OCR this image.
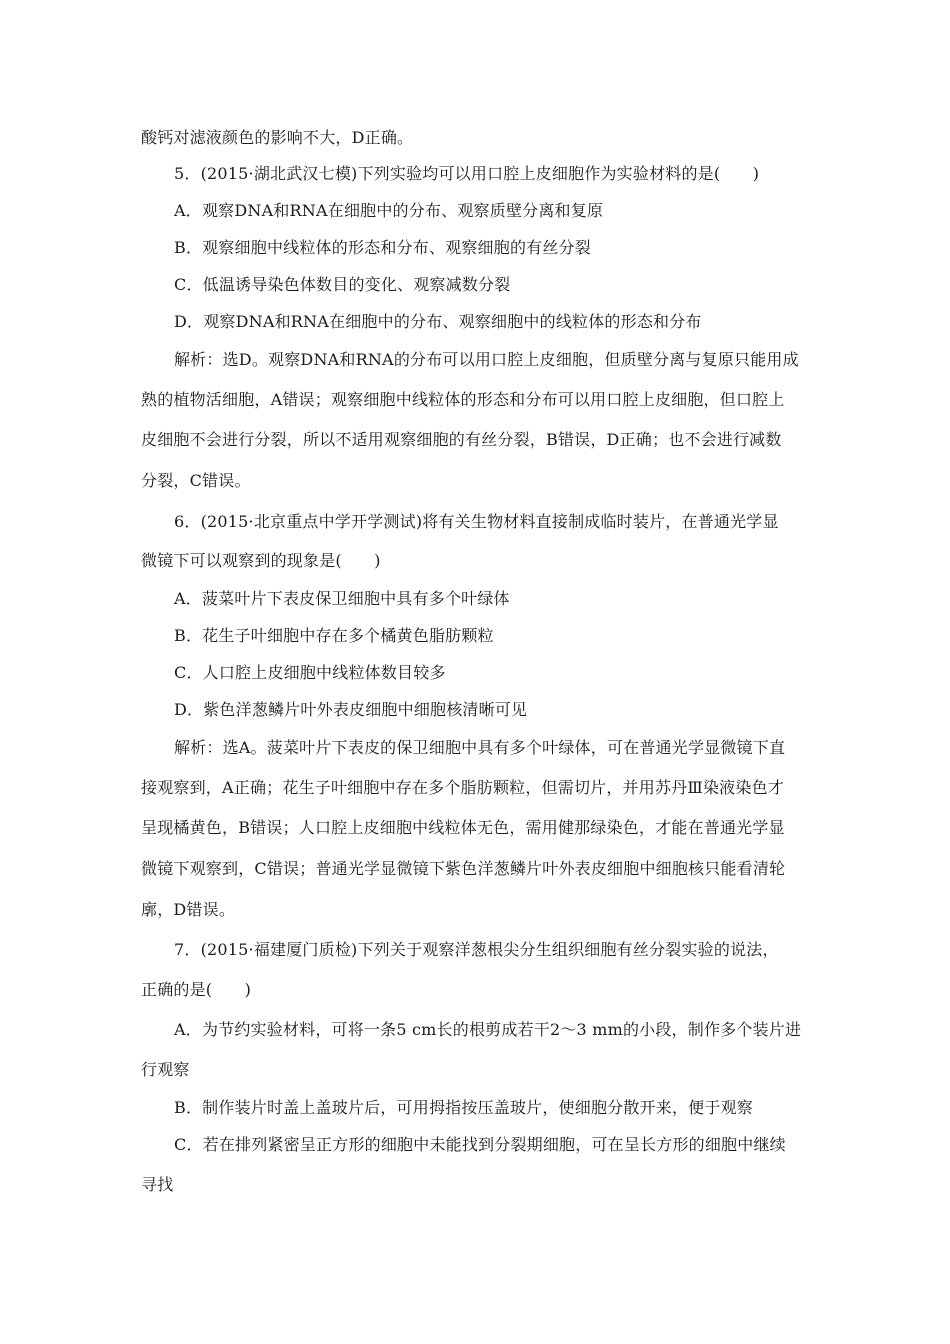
酸钙对滤液颜色的影响不大，D正确。
5．(2015·湖北武汉七模)下列实验均可以用口腔上皮细胞作为实验材料的是(　　)
A．观察DNA和RNA在细胞中的分布、观察质壁分离和复原
B．观察细胞中线粒体的形态和分布、观察细胞的有丝分裂
C．低温诱导染色体数目的变化、观察减数分裂
D．观察DNA和RNA在细胞中的分布、观察细胞中的线粒体的形态和分布
解析：选D。观察DNA和RNA的分布可以用口腔上皮细胞，但质壁分离与复原只能用成
熟的植物活细胞，A错误；观察细胞中线粒体的形态和分布可以用口腔上皮细胞，但口腔上
皮细胞不会进行分裂，所以不适用观察细胞的有丝分裂，B错误，D正确；也不会进行减数
分裂，C错误。
6．(2015·北京重点中学开学测试)将有关生物材料直接制成临时装片，在普通光学显
微镜下可以观察到的现象是(　　)
A．菠菜叶片下表皮保卫细胞中具有多个叶绿体
B．花生子叶细胞中存在多个橘黄色脂肪颗粒
C．人口腔上皮细胞中线粒体数目较多
D．紫色洋葱鳞片叶外表皮细胞中细胞核清晰可见
解析：选A。菠菜叶片下表皮的保卫细胞中具有多个叶绿体，可在普通光学显微镜下直
接观察到，A正确；花生子叶细胞中存在多个脂肪颗粒，但需切片，并用苏丹Ⅲ染液染色才
呈现橘黄色，B错误；人口腔上皮细胞中线粒体无色，需用健那绿染色，才能在普通光学显
微镜下观察到，C错误；普通光学显微镜下紫色洋葱鳞片叶外表皮细胞中细胞核只能看清轮
廓，D错误。
7．(2015·福建厦门质检)下列关于观察洋葱根尖分生组织细胞有丝分裂实验的说法，
正确的是(　　)
A．为节约实验材料，可将一条5 cm长的根剪成若干2～3 mm的小段，制作多个装片进
行观察
B．制作装片时盖上盖玻片后，可用拇指按压盖玻片，使细胞分散开来，便于观察
C．若在排列紧密呈正方形的细胞中未能找到分裂期细胞，可在呈长方形的细胞中继续
寻找
